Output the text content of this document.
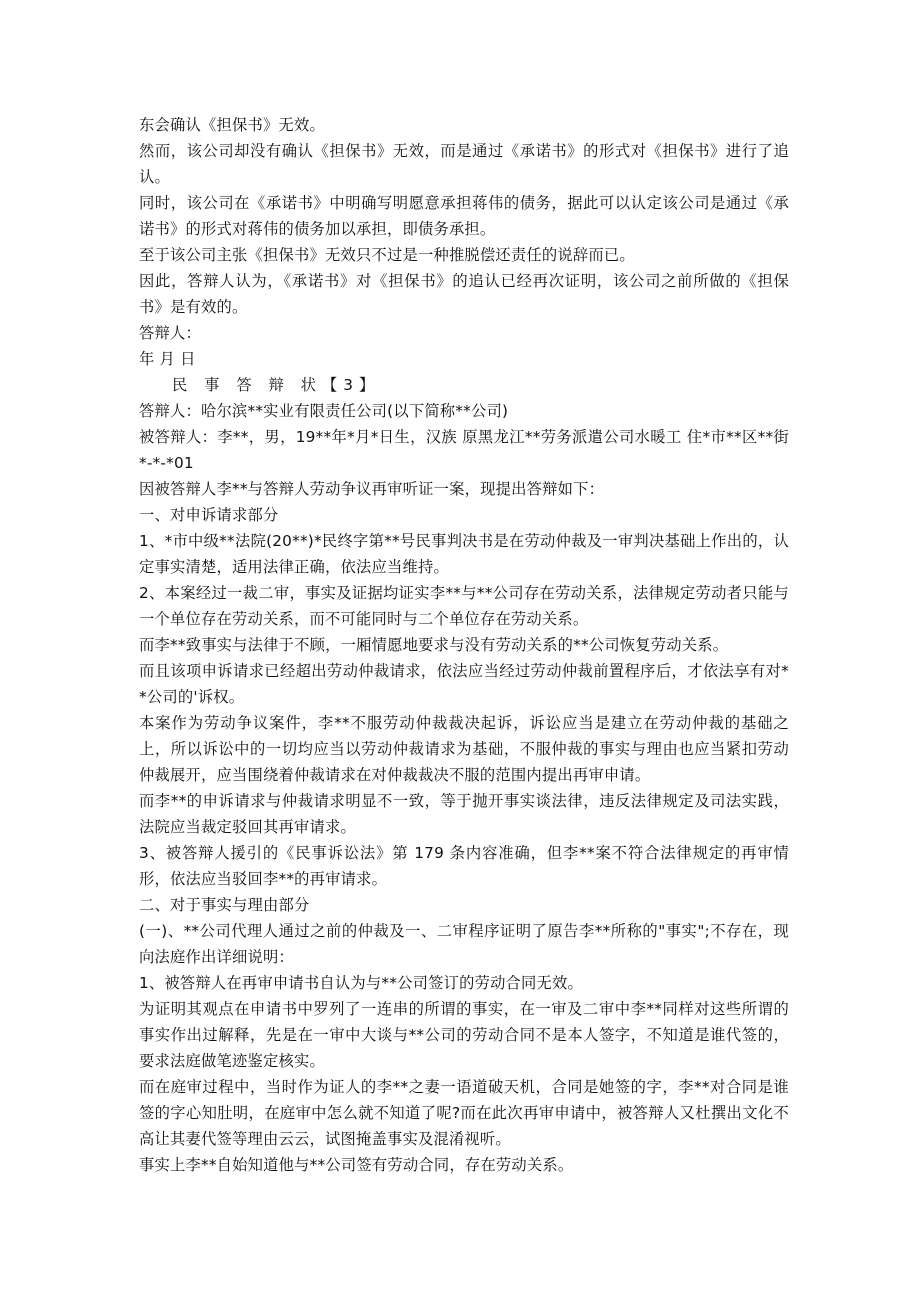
东会确认《担保书》无效。

然而，该公司却没有确认《担保书》无效，而是通过《承诺书》的形式对《担保书》进行了追认。

同时，该公司在《承诺书》中明确写明愿意承担蒋伟的债务，据此可以认定该公司是通过《承诺书》的形式对蒋伟的债务加以承担，即债务承担。

至于该公司主张《担保书》无效只不过是一种推脱偿还责任的说辞而已。

因此，答辩人认为，《承诺书》对《担保书》的追认已经再次证明，该公司之前所做的《担保书》是有效的。

答辩人：

年 月 日

民 事 答 辩 状【3】

答辩人：哈尔滨**实业有限责任公司(以下简称**公司)

被答辩人：李**，男，19**年*月*日生，汉族 原黑龙江**劳务派遣公司水暖工 住*市**区**街*-*-*01

因被答辩人李**与答辩人劳动争议再审听证一案，现提出答辩如下：

一、对申诉请求部分

1、*市中级**法院(20**)*民终字第**号民事判决书是在劳动仲裁及一审判决基础上作出的，认定事实清楚，适用法律正确，依法应当维持。

2、本案经过一裁二审，事实及证据均证实李**与**公司存在劳动关系，法律规定劳动者只能与一个单位存在劳动关系，而不可能同时与二个单位存在劳动关系。

而李**致事实与法律于不顾，一厢情愿地要求与没有劳动关系的**公司恢复劳动关系。

而且该项申诉请求已经超出劳动仲裁请求，依法应当经过劳动仲裁前置程序后，才依法享有对**公司的'诉权。

本案作为劳动争议案件，李**不服劳动仲裁裁决起诉，诉讼应当是建立在劳动仲裁的基础之上，所以诉讼中的一切均应当以劳动仲裁请求为基础，不服仲裁的事实与理由也应当紧扣劳动仲裁展开，应当围绕着仲裁请求在对仲裁裁决不服的范围内提出再审申请。

而李**的申诉请求与仲裁请求明显不一致，等于抛开事实谈法律，违反法律规定及司法实践，法院应当裁定驳回其再审请求。

3、被答辩人援引的《民事诉讼法》第 179 条内容准确，但李**案不符合法律规定的再审情形，依法应当驳回李**的再审请求。

二、对于事实与理由部分

(一)、**公司代理人通过之前的仲裁及一、二审程序证明了原告李**所称的"事实";不存在，现向法庭作出详细说明：

1、被答辩人在再审申请书自认为与**公司签订的劳动合同无效。

为证明其观点在申请书中罗列了一连串的所谓的事实，在一审及二审中李**同样对这些所谓的事实作出过解释，先是在一审中大谈与**公司的劳动合同不是本人签字，不知道是谁代签的，要求法庭做笔迹鉴定核实。

而在庭审过程中，当时作为证人的李**之妻一语道破天机，合同是她签的字，李**对合同是谁签的字心知肚明，在庭审中怎么就不知道了呢?而在此次再审申请中，被答辩人又杜撰出文化不高让其妻代签等理由云云，试图掩盖事实及混淆视听。

事实上李**自始知道他与**公司签有劳动合同，存在劳动关系。
